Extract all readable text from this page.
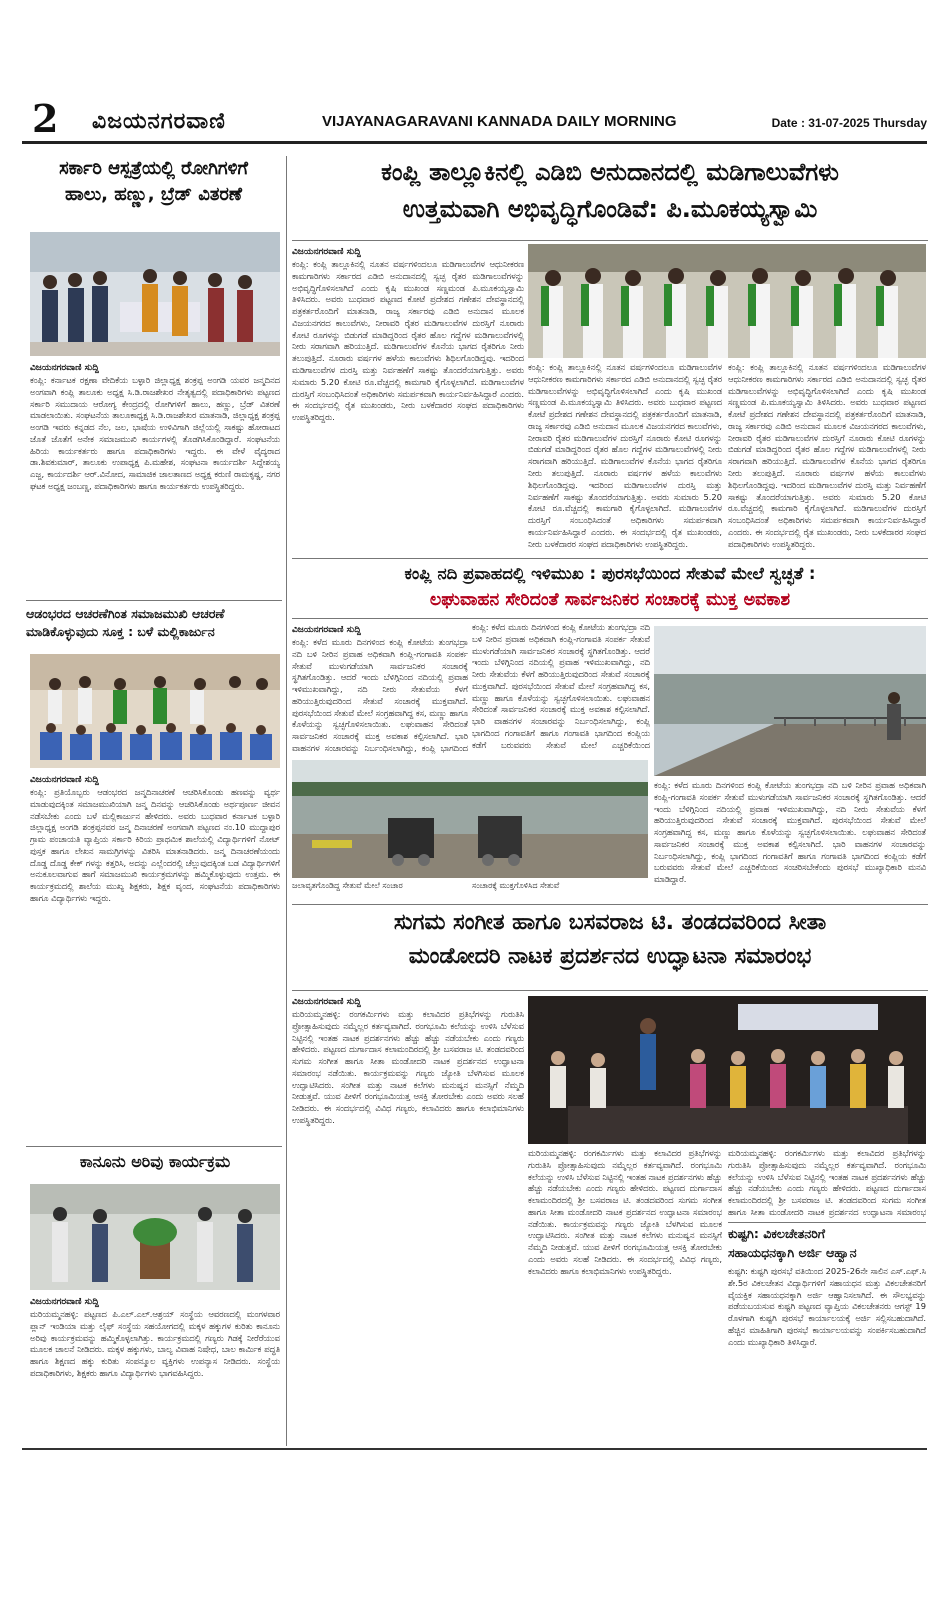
2 ವಿಜಯನಗರವಾಣಿ	VIJAYANAGARAVANI KANNADA DAILY MORNING	Date : 31-07-2025 Thursday
ಸರ್ಕಾರಿ ಆಸ್ಪತ್ರೆಯಲ್ಲಿ ರೋಗಿಗಳಿಗೆ
ಹಾಲು, ಹಣ್ಣು, ಬ್ರೆಡ್ ವಿತರಣೆ
ವಿಜಯನಗರವಾಣಿ ಸುದ್ದಿ
ಕಂಪ್ಲಿ: ಕರ್ನಾಟಕ ರಕ್ಷಣಾ ವೇದಿಕೆಯ ಬಳ್ಳಾರಿ ಜಿಲ್ಲಾಧ್ಯಕ್ಷ ಶಂಕ್ರಪ್ಪ ಅಂಗಡಿ ಯವರ ಜನ್ಮದಿನದ ಅಂಗವಾಗಿ ಕಂಪ್ಲಿ ತಾಲೂಕು ಅಧ್ಯಕ್ಷ ಸಿ.ಡಿ.ರಾಜಶೇಖರ ನೇತೃತ್ವದಲ್ಲಿ ಪದಾಧಿಕಾರಿಗಳು ಪಟ್ಟಣದ ಸರ್ಕಾರಿ ಸಮುದಾಯ ಆರೋಗ್ಯ ಕೇಂದ್ರದಲ್ಲಿ ರೋಗಿಗಳಿಗೆ ಹಾಲು, ಹಣ್ಣು, ಬ್ರೆಡ್ ವಿತರಣೆ ಮಾಡಲಾಯಿತು. ಸಂಘಟನೆಯ ತಾಲೂಕಾಧ್ಯಕ್ಷ ಸಿ.ಡಿ.ರಾಜಶೇಖರ ಮಾತನಾಡಿ, ಜಿಲ್ಲಾಧ್ಯಕ್ಷ ಶಂಕ್ರಪ್ಪ ಅಂಗಡಿ ಇವರು ಕನ್ನಡದ ನೆಲ, ಜಲ, ಭಾಷೆಯ ಉಳಿವಿಗಾಗಿ ಜಿಲ್ಲೆಯಲ್ಲಿ ಸಾಕಷ್ಟು ಹೋರಾಟದ ಜೊತೆ ಜೊತೆಗೆ ಅನೇಕ ಸಮಾಜಮುಖಿ ಕಾರ್ಯಗಳಲ್ಲಿ ತೊಡಗಿಸಿಕೊಂಡಿದ್ದಾರೆ. ಸಂಘಟನೆಯ ಹಿರಿಯ ಕಾರ್ಯಕರ್ತರು ಹಾಗೂ ಪದಾಧಿಕಾರಿಗಳು ಇದ್ದರು. ಈ ವೇಳೆ ವೈದ್ಯರಾದ ಡಾ.ಶಿವಕುಮಾರ್, ತಾಲೂಕು ಉಪಾಧ್ಯಕ್ಷ ಪಿ.ಮಹೇಶ, ಸಂಘಟನಾ ಕಾರ್ಯದರ್ಶಿ ಸಿದ್ದೇಶಯ್ಯ ಎಜ್ಜ, ಕಾರ್ಯದರ್ಶಿ ಆರ್.ವಿನೋದ, ಸಾಮಾಜಿಕ ಜಾಲತಾಣದ ಅಧ್ಯಕ್ಷ ಕರುಣಿ ರಾಮಕೃಷ್ಣ, ನಗರ ಘಟಕ ಅಧ್ಯಕ್ಷ ಜಂಬಣ್ಣ, ಪದಾಧಿಕಾರಿಗಳು ಹಾಗೂ ಕಾರ್ಯಕರ್ತರು ಉಪಸ್ಥಿತರಿದ್ದರು.
ಆಡಂಭರದ ಆಚರಣೆಗಿಂತ ಸಮಾಜಮುಖಿ ಆಚರಣೆ
ಮಾಡಿಕೊಳ್ಳುವುದು ಸೂಕ್ತ : ಬಳೆ ಮಲ್ಲಿಕಾರ್ಜುನ
ವಿಜಯನಗರವಾಣಿ ಸುದ್ದಿ
ಕಂಪ್ಲಿ: ಪ್ರತಿಯೊಬ್ಬರು ಆಡಂಭರದ ಜನ್ಮದಿನಾಚರಣೆ ಆಚರಿಸಿಕೊಂಡು ಹಣವನ್ನು ವ್ಯರ್ಥ ಮಾಡುವುದಕ್ಕಿಂತ ಸಮಾಜಮುಖಿಯಾಗಿ ಜನ್ಮ ದಿನವನ್ನು ಆಚರಿಸಿಕೊಂಡು ಅರ್ಥಪೂರ್ಣ ಜೀವನ ನಡೆಸಬೇಕು ಎಂದು ಬಳೆ ಮಲ್ಲಿಕಾರ್ಜುನ ಹೇಳಿದರು. ಅವರು ಬುಧವಾರ ಕರ್ನಾಟಕ ಬಳ್ಳಾರಿ ಜಿಲ್ಲಾಧ್ಯಕ್ಷ ಅಂಗಡಿ ಶಂಕ್ರಪ್ಪನವರ ಜನ್ಮ ದಿನಾಚರಣೆ ಅಂಗವಾಗಿ ಪಟ್ಟಣದ ನಂ.10 ಮುದ್ದಾಪುರ ಗ್ರಾಮ ಪಂಚಾಯತಿ ವ್ಯಾಪ್ತಿಯ ಸರ್ಕಾರಿ ಕಿರಿಯ ಪ್ರಾಥಮಿಕ ಶಾಲೆಯಲ್ಲಿ ವಿದ್ಯಾರ್ಥಿಗಳಿಗೆ ನೋಟ್ ಪುಸ್ತಕ ಹಾಗೂ ಲೇಖನ ಸಾಮಗ್ರಿಗಳನ್ನು ವಿತರಿಸಿ ಮಾತನಾಡಿದರು. ಜನ್ಮ ದಿನಾಚರಣೆಯಂದು ದೊಡ್ಡ ದೊಡ್ಡ ಕೇಕ್ ಗಳನ್ನು ಕತ್ತರಿಸಿ, ಅದನ್ನು ಎಲ್ಲೆಂದರಲ್ಲಿ ಚೆಲ್ಲುವುದಕ್ಕಿಂತ ಬಡ ವಿದ್ಯಾರ್ಥಿಗಳಿಗೆ ಅನುಕೂಲವಾಗುವ ಹಾಗೆ ಸಮಾಜಮುಖಿ ಕಾರ್ಯಕ್ರಮಗಳನ್ನು ಹಮ್ಮಿಕೊಳ್ಳುವುದು ಉತ್ತಮ. ಈ ಕಾರ್ಯಕ್ರಮದಲ್ಲಿ ಶಾಲೆಯ ಮುಖ್ಯ ಶಿಕ್ಷಕರು, ಶಿಕ್ಷಕ ವೃಂದ, ಸಂಘಟನೆಯ ಪದಾಧಿಕಾರಿಗಳು ಹಾಗೂ ವಿದ್ಯಾರ್ಥಿಗಳು ಇದ್ದರು.
ಕಾನೂನು ಅರಿವು ಕಾರ್ಯಕ್ರಮ
ವಿಜಯನಗರವಾಣಿ ಸುದ್ದಿ
ಮರಿಯಮ್ಮನಹಳ್ಳಿ: ಪಟ್ಟಣದ ಪಿ.ಎಲ್.ಎಲ್.ಆಶ್ರಯ್ ಸಂಸ್ಥೆಯ ಆವರಣದಲ್ಲಿ ಮಂಗಳವಾರ ಪ್ಲಾನ್ ಇಂಡಿಯಾ ಮತ್ತು ಲೈಫ್ ಸಂಸ್ಥೆಯ ಸಹಯೋಗದಲ್ಲಿ ಮಕ್ಕಳ ಹಕ್ಕುಗಳ ಕುರಿತು ಕಾನೂನು ಅರಿವು ಕಾರ್ಯಕ್ರಮವನ್ನು ಹಮ್ಮಿಕೊಳ್ಳಲಾಗಿತ್ತು. ಕಾರ್ಯಕ್ರಮದಲ್ಲಿ ಗಣ್ಯರು ಗಿಡಕ್ಕೆ ನೀರೆರೆಯುವ ಮೂಲಕ ಚಾಲನೆ ನೀಡಿದರು. ಮಕ್ಕಳ ಹಕ್ಕುಗಳು, ಬಾಲ್ಯ ವಿವಾಹ ನಿಷೇಧ, ಬಾಲ ಕಾರ್ಮಿಕ ಪದ್ಧತಿ ಹಾಗೂ ಶಿಕ್ಷಣದ ಹಕ್ಕು ಕುರಿತು ಸಂಪನ್ಮೂಲ ವ್ಯಕ್ತಿಗಳು ಉಪನ್ಯಾಸ ನೀಡಿದರು. ಸಂಸ್ಥೆಯ ಪದಾಧಿಕಾರಿಗಳು, ಶಿಕ್ಷಕರು ಹಾಗೂ ವಿದ್ಯಾರ್ಥಿಗಳು ಭಾಗವಹಿಸಿದ್ದರು.
ಕಂಪ್ಲಿ ತಾಲ್ಲೂಕಿನಲ್ಲಿ ಎಡಿಬಿ ಅನುದಾನದಲ್ಲಿ ಮಡಿಗಾಲುವೆಗಳು
ಉತ್ತಮವಾಗಿ ಅಭಿವೃದ್ಧಿಗೊಂಡಿವೆ: ಪಿ.ಮೂಕಯ್ಯಸ್ವಾಮಿ
ವಿಜಯನಗರವಾಣಿ ಸುದ್ದಿ
ಕಂಪ್ಲಿ: ಕಂಪ್ಲಿ ತಾಲ್ಲೂಕಿನಲ್ಲಿ ನೂತನ ವರ್ಷಗಳಿಂದಲೂ ಮಡಿಗಾಲುವೆಗಳ ಆಧುನೀಕರಣ ಕಾಮಗಾರಿಗಳು ಸರ್ಕಾರದ ಎಡಿಬಿ ಅನುದಾನದಲ್ಲಿ ಸ್ವಚ್ಛ ರೈತರ ಮಡಿಗಾಲುವೆಗಳನ್ನು ಅಭಿವೃದ್ಧಿಗೊಳಿಸಲಾಗಿದೆ ಎಂದು ಕೃಷಿ ಮುಖಂಡ ಸಣ್ಣಮಂಡ ಪಿ.ಮೂಕಯ್ಯಸ್ವಾಮಿ ತಿಳಿಸಿದರು. ಅವರು ಬುಧವಾರ ಪಟ್ಟಣದ ಕೋಟೆ ಪ್ರದೇಶದ ಗಣೇಶನ ದೇವಸ್ಥಾನದಲ್ಲಿ ಪತ್ರಕರ್ತರೊಂದಿಗೆ ಮಾತನಾಡಿ, ರಾಜ್ಯ ಸರ್ಕಾರವು ಎಡಿಬಿ ಅನುದಾನ ಮೂಲಕ ವಿಜಯನಗರದ ಕಾಲುವೆಗಳು, ನೀರಾವರಿ ರೈತರ ಮಡಿಗಾಲುವೆಗಳ ದುರಸ್ತಿಗೆ ನೂರಾರು ಕೋಟಿ ರೂಗಳನ್ನು ಬಿಡುಗಡೆ ಮಾಡಿದ್ದರಿಂದ ರೈತರ ಹೊಲ ಗದ್ದೆಗಳ ಮಡಿಗಾಲುವೆಗಳಲ್ಲಿ ನೀರು ಸರಾಗವಾಗಿ ಹರಿಯುತ್ತಿದೆ. ಮಡಿಗಾಲುವೆಗಳ ಕೊನೆಯ ಭಾಗದ ರೈತರಿಗೂ ನೀರು ತಲುಪುತ್ತಿದೆ. ನೂರಾರು ವರ್ಷಗಳ ಹಳೆಯ ಕಾಲುವೆಗಳು ಶಿಥಿಲಗೊಂಡಿದ್ದವು. ಇದರಿಂದ ಮಡಿಗಾಲುವೆಗಳ ದುರಸ್ತಿ ಮತ್ತು ನಿರ್ವಹಣೆಗೆ ಸಾಕಷ್ಟು ತೊಂದರೆಯಾಗುತ್ತಿತ್ತು. ಅವರು ಸುಮಾರು 5.20 ಕೋಟಿ ರೂ.ವೆಚ್ಚದಲ್ಲಿ ಕಾಮಗಾರಿ ಕೈಗೊಳ್ಳಲಾಗಿದೆ. ಮಡಿಗಾಲುವೆಗಳ ದುರಸ್ತಿಗೆ ಸಂಬಂಧಿಸಿದಂತೆ ಅಧಿಕಾರಿಗಳು ಸಮರ್ಪಕವಾಗಿ ಕಾರ್ಯನಿರ್ವಹಿಸಿದ್ದಾರೆ ಎಂದರು. ಈ ಸಂದರ್ಭದಲ್ಲಿ ರೈತ ಮುಖಂಡರು, ನೀರು ಬಳಕೆದಾರರ ಸಂಘದ ಪದಾಧಿಕಾರಿಗಳು ಉಪಸ್ಥಿತರಿದ್ದರು.
ಕಂಪ್ಲಿ: ಕಂಪ್ಲಿ ತಾಲ್ಲೂಕಿನಲ್ಲಿ ನೂತನ ವರ್ಷಗಳಿಂದಲೂ ಮಡಿಗಾಲುವೆಗಳ ಆಧುನೀಕರಣ ಕಾಮಗಾರಿಗಳು ಸರ್ಕಾರದ ಎಡಿಬಿ ಅನುದಾನದಲ್ಲಿ ಸ್ವಚ್ಛ ರೈತರ ಮಡಿಗಾಲುವೆಗಳನ್ನು ಅಭಿವೃದ್ಧಿಗೊಳಿಸಲಾಗಿದೆ ಎಂದು ಕೃಷಿ ಮುಖಂಡ ಸಣ್ಣಮಂಡ ಪಿ.ಮೂಕಯ್ಯಸ್ವಾಮಿ ತಿಳಿಸಿದರು. ಅವರು ಬುಧವಾರ ಪಟ್ಟಣದ ಕೋಟೆ ಪ್ರದೇಶದ ಗಣೇಶನ ದೇವಸ್ಥಾನದಲ್ಲಿ ಪತ್ರಕರ್ತರೊಂದಿಗೆ ಮಾತನಾಡಿ, ರಾಜ್ಯ ಸರ್ಕಾರವು ಎಡಿಬಿ ಅನುದಾನ ಮೂಲಕ ವಿಜಯನಗರದ ಕಾಲುವೆಗಳು, ನೀರಾವರಿ ರೈತರ ಮಡಿಗಾಲುವೆಗಳ ದುರಸ್ತಿಗೆ ನೂರಾರು ಕೋಟಿ ರೂಗಳನ್ನು ಬಿಡುಗಡೆ ಮಾಡಿದ್ದರಿಂದ ರೈತರ ಹೊಲ ಗದ್ದೆಗಳ ಮಡಿಗಾಲುವೆಗಳಲ್ಲಿ ನೀರು ಸರಾಗವಾಗಿ ಹರಿಯುತ್ತಿದೆ. ಮಡಿಗಾಲುವೆಗಳ ಕೊನೆಯ ಭಾಗದ ರೈತರಿಗೂ ನೀರು ತಲುಪುತ್ತಿದೆ. ನೂರಾರು ವರ್ಷಗಳ ಹಳೆಯ ಕಾಲುವೆಗಳು ಶಿಥಿಲಗೊಂಡಿದ್ದವು. ಇದರಿಂದ ಮಡಿಗಾಲುವೆಗಳ ದುರಸ್ತಿ ಮತ್ತು ನಿರ್ವಹಣೆಗೆ ಸಾಕಷ್ಟು ತೊಂದರೆಯಾಗುತ್ತಿತ್ತು. ಅವರು ಸುಮಾರು 5.20 ಕೋಟಿ ರೂ.ವೆಚ್ಚದಲ್ಲಿ ಕಾಮಗಾರಿ ಕೈಗೊಳ್ಳಲಾಗಿದೆ. ಮಡಿಗಾಲುವೆಗಳ ದುರಸ್ತಿಗೆ ಸಂಬಂಧಿಸಿದಂತೆ ಅಧಿಕಾರಿಗಳು ಸಮರ್ಪಕವಾಗಿ ಕಾರ್ಯನಿರ್ವಹಿಸಿದ್ದಾರೆ ಎಂದರು. ಈ ಸಂದರ್ಭದಲ್ಲಿ ರೈತ ಮುಖಂಡರು, ನೀರು ಬಳಕೆದಾರರ ಸಂಘದ ಪದಾಧಿಕಾರಿಗಳು ಉಪಸ್ಥಿತರಿದ್ದರು.
ಕಂಪ್ಲಿ: ಕಂಪ್ಲಿ ತಾಲ್ಲೂಕಿನಲ್ಲಿ ನೂತನ ವರ್ಷಗಳಿಂದಲೂ ಮಡಿಗಾಲುವೆಗಳ ಆಧುನೀಕರಣ ಕಾಮಗಾರಿಗಳು ಸರ್ಕಾರದ ಎಡಿಬಿ ಅನುದಾನದಲ್ಲಿ ಸ್ವಚ್ಛ ರೈತರ ಮಡಿಗಾಲುವೆಗಳನ್ನು ಅಭಿವೃದ್ಧಿಗೊಳಿಸಲಾಗಿದೆ ಎಂದು ಕೃಷಿ ಮುಖಂಡ ಸಣ್ಣಮಂಡ ಪಿ.ಮೂಕಯ್ಯಸ್ವಾಮಿ ತಿಳಿಸಿದರು. ಅವರು ಬುಧವಾರ ಪಟ್ಟಣದ ಕೋಟೆ ಪ್ರದೇಶದ ಗಣೇಶನ ದೇವಸ್ಥಾನದಲ್ಲಿ ಪತ್ರಕರ್ತರೊಂದಿಗೆ ಮಾತನಾಡಿ, ರಾಜ್ಯ ಸರ್ಕಾರವು ಎಡಿಬಿ ಅನುದಾನ ಮೂಲಕ ವಿಜಯನಗರದ ಕಾಲುವೆಗಳು, ನೀರಾವರಿ ರೈತರ ಮಡಿಗಾಲುವೆಗಳ ದುರಸ್ತಿಗೆ ನೂರಾರು ಕೋಟಿ ರೂಗಳನ್ನು ಬಿಡುಗಡೆ ಮಾಡಿದ್ದರಿಂದ ರೈತರ ಹೊಲ ಗದ್ದೆಗಳ ಮಡಿಗಾಲುವೆಗಳಲ್ಲಿ ನೀರು ಸರಾಗವಾಗಿ ಹರಿಯುತ್ತಿದೆ. ಮಡಿಗಾಲುವೆಗಳ ಕೊನೆಯ ಭಾಗದ ರೈತರಿಗೂ ನೀರು ತಲುಪುತ್ತಿದೆ. ನೂರಾರು ವರ್ಷಗಳ ಹಳೆಯ ಕಾಲುವೆಗಳು ಶಿಥಿಲಗೊಂಡಿದ್ದವು. ಇದರಿಂದ ಮಡಿಗಾಲುವೆಗಳ ದುರಸ್ತಿ ಮತ್ತು ನಿರ್ವಹಣೆಗೆ ಸಾಕಷ್ಟು ತೊಂದರೆಯಾಗುತ್ತಿತ್ತು. ಅವರು ಸುಮಾರು 5.20 ಕೋಟಿ ರೂ.ವೆಚ್ಚದಲ್ಲಿ ಕಾಮಗಾರಿ ಕೈಗೊಳ್ಳಲಾಗಿದೆ. ಮಡಿಗಾಲುವೆಗಳ ದುರಸ್ತಿಗೆ ಸಂಬಂಧಿಸಿದಂತೆ ಅಧಿಕಾರಿಗಳು ಸಮರ್ಪಕವಾಗಿ ಕಾರ್ಯನಿರ್ವಹಿಸಿದ್ದಾರೆ ಎಂದರು. ಈ ಸಂದರ್ಭದಲ್ಲಿ ರೈತ ಮುಖಂಡರು, ನೀರು ಬಳಕೆದಾರರ ಸಂಘದ ಪದಾಧಿಕಾರಿಗಳು ಉಪಸ್ಥಿತರಿದ್ದರು.
ಕಂಪ್ಲಿ ನದಿ ಪ್ರವಾಹದಲ್ಲಿ ಇಳಿಮುಖ : ಪುರಸಭೆಯಿಂದ ಸೇತುವೆ ಮೇಲೆ ಸ್ವಚ್ಛತೆ :
ಲಘುವಾಹನ ಸೇರಿದಂತೆ ಸಾರ್ವಜನಿಕರ ಸಂಚಾರಕ್ಕೆ ಮುಕ್ತ ಅವಕಾಶ
ವಿಜಯನಗರವಾಣಿ ಸುದ್ದಿ
ಕಂಪ್ಲಿ: ಕಳೆದ ಮೂರು ದಿನಗಳಿಂದ ಕಂಪ್ಲಿ ಕೋಟೆಯ ತುಂಗಭದ್ರಾ ನದಿ ಬಳಿ ನೀರಿನ ಪ್ರವಾಹ ಅಧಿಕವಾಗಿ ಕಂಪ್ಲಿ-ಗಂಗಾವತಿ ಸಂಪರ್ಕ ಸೇತುವೆ ಮುಳುಗಡೆಯಾಗಿ ಸಾರ್ವಜನಿಕರ ಸಂಚಾರಕ್ಕೆ ಸ್ಥಗಿತಗೊಂಡಿತ್ತು. ಆದರೆ ಇಂದು ಬೆಳಿಗ್ಗಿನಿಂದ ನದಿಯಲ್ಲಿ ಪ್ರವಾಹ ಇಳಿಮುಖವಾಗಿದ್ದು, ನದಿ ನೀರು ಸೇತುವೆಯ ಕೆಳಗೆ ಹರಿಯುತ್ತಿರುವುದರಿಂದ ಸೇತುವೆ ಸಂಚಾರಕ್ಕೆ ಮುಕ್ತವಾಗಿದೆ. ಪುರಸಭೆಯಿಂದ ಸೇತುವೆ ಮೇಲೆ ಸಂಗ್ರಹವಾಗಿದ್ದ ಕಸ, ಮಣ್ಣು ಹಾಗೂ ಕೊಳೆಯನ್ನು ಸ್ವಚ್ಛಗೊಳಿಸಲಾಯಿತು. ಲಘುವಾಹನ ಸೇರಿದಂತೆ ಸಾರ್ವಜನಿಕರ ಸಂಚಾರಕ್ಕೆ ಮುಕ್ತ ಅವಕಾಶ ಕಲ್ಪಿಸಲಾಗಿದೆ. ಭಾರಿ ವಾಹನಗಳ ಸಂಚಾರವನ್ನು ನಿರ್ಬಂಧಿಸಲಾಗಿದ್ದು, ಕಂಪ್ಲಿ ಭಾಗದಿಂದ
ಕಂಪ್ಲಿ: ಕಳೆದ ಮೂರು ದಿನಗಳಿಂದ ಕಂಪ್ಲಿ ಕೋಟೆಯ ತುಂಗಭದ್ರಾ ನದಿ ಬಳಿ ನೀರಿನ ಪ್ರವಾಹ ಅಧಿಕವಾಗಿ ಕಂಪ್ಲಿ-ಗಂಗಾವತಿ ಸಂಪರ್ಕ ಸೇತುವೆ ಮುಳುಗಡೆಯಾಗಿ ಸಾರ್ವಜನಿಕರ ಸಂಚಾರಕ್ಕೆ ಸ್ಥಗಿತಗೊಂಡಿತ್ತು. ಆದರೆ ಇಂದು ಬೆಳಿಗ್ಗಿನಿಂದ ನದಿಯಲ್ಲಿ ಪ್ರವಾಹ ಇಳಿಮುಖವಾಗಿದ್ದು, ನದಿ ನೀರು ಸೇತುವೆಯ ಕೆಳಗೆ ಹರಿಯುತ್ತಿರುವುದರಿಂದ ಸೇತುವೆ ಸಂಚಾರಕ್ಕೆ ಮುಕ್ತವಾಗಿದೆ. ಪುರಸಭೆಯಿಂದ ಸೇತುವೆ ಮೇಲೆ ಸಂಗ್ರಹವಾಗಿದ್ದ ಕಸ, ಮಣ್ಣು ಹಾಗೂ ಕೊಳೆಯನ್ನು ಸ್ವಚ್ಛಗೊಳಿಸಲಾಯಿತು. ಲಘುವಾಹನ ಸೇರಿದಂತೆ ಸಾರ್ವಜನಿಕರ ಸಂಚಾರಕ್ಕೆ ಮುಕ್ತ ಅವಕಾಶ ಕಲ್ಪಿಸಲಾಗಿದೆ. ಭಾರಿ ವಾಹನಗಳ ಸಂಚಾರವನ್ನು ನಿರ್ಬಂಧಿಸಲಾಗಿದ್ದು, ಕಂಪ್ಲಿ ಭಾಗದಿಂದ ಗಂಗಾವತಿಗೆ ಹಾಗೂ ಗಂಗಾವತಿ ಭಾಗದಿಂದ ಕಂಪ್ಲಿಯ ಕಡೆಗೆ ಬರುವವರು ಸೇತುವೆ ಮೇಲೆ ಎಚ್ಚರಿಕೆಯಿಂದ
ಜಲಾವೃತಗೊಂಡಿದ್ದ ಸೇತುವೆ ಮೇಲೆ ಸಂಚಾರ	ಸಂಚಾರಕ್ಕೆ ಮುಕ್ತಗೊಳಿಸಿದ ಸೇತುವೆ
ಕಂಪ್ಲಿ: ಕಳೆದ ಮೂರು ದಿನಗಳಿಂದ ಕಂಪ್ಲಿ ಕೋಟೆಯ ತುಂಗಭದ್ರಾ ನದಿ ಬಳಿ ನೀರಿನ ಪ್ರವಾಹ ಅಧಿಕವಾಗಿ ಕಂಪ್ಲಿ-ಗಂಗಾವತಿ ಸಂಪರ್ಕ ಸೇತುವೆ ಮುಳುಗಡೆಯಾಗಿ ಸಾರ್ವಜನಿಕರ ಸಂಚಾರಕ್ಕೆ ಸ್ಥಗಿತಗೊಂಡಿತ್ತು. ಆದರೆ ಇಂದು ಬೆಳಿಗ್ಗಿನಿಂದ ನದಿಯಲ್ಲಿ ಪ್ರವಾಹ ಇಳಿಮುಖವಾಗಿದ್ದು, ನದಿ ನೀರು ಸೇತುವೆಯ ಕೆಳಗೆ ಹರಿಯುತ್ತಿರುವುದರಿಂದ ಸೇತುವೆ ಸಂಚಾರಕ್ಕೆ ಮುಕ್ತವಾಗಿದೆ. ಪುರಸಭೆಯಿಂದ ಸೇತುವೆ ಮೇಲೆ ಸಂಗ್ರಹವಾಗಿದ್ದ ಕಸ, ಮಣ್ಣು ಹಾಗೂ ಕೊಳೆಯನ್ನು ಸ್ವಚ್ಛಗೊಳಿಸಲಾಯಿತು. ಲಘುವಾಹನ ಸೇರಿದಂತೆ ಸಾರ್ವಜನಿಕರ ಸಂಚಾರಕ್ಕೆ ಮುಕ್ತ ಅವಕಾಶ ಕಲ್ಪಿಸಲಾಗಿದೆ. ಭಾರಿ ವಾಹನಗಳ ಸಂಚಾರವನ್ನು ನಿರ್ಬಂಧಿಸಲಾಗಿದ್ದು, ಕಂಪ್ಲಿ ಭಾಗದಿಂದ ಗಂಗಾವತಿಗೆ ಹಾಗೂ ಗಂಗಾವತಿ ಭಾಗದಿಂದ ಕಂಪ್ಲಿಯ ಕಡೆಗೆ ಬರುವವರು ಸೇತುವೆ ಮೇಲೆ ಎಚ್ಚರಿಕೆಯಿಂದ ಸಂಚರಿಸಬೇಕೆಂದು ಪುರಸಭೆ ಮುಖ್ಯಾಧಿಕಾರಿ ಮನವಿ ಮಾಡಿದ್ದಾರೆ.
ಸುಗಮ ಸಂಗೀತ ಹಾಗೂ ಬಸವರಾಜ ಟಿ. ತಂಡದವರಿಂದ ಸೀತಾ
ಮಂಡೋದರಿ ನಾಟಕ ಪ್ರದರ್ಶನದ ಉದ್ಘಾಟನಾ ಸಮಾರಂಭ
ವಿಜಯನಗರವಾಣಿ ಸುದ್ದಿ
ಮರಿಯಮ್ಮನಹಳ್ಳಿ: ರಂಗಕರ್ಮಿಗಳು ಮತ್ತು ಕಲಾವಿದರ ಪ್ರತಿಭೆಗಳನ್ನು ಗುರುತಿಸಿ ಪ್ರೋತ್ಸಾಹಿಸುವುದು ನಮ್ಮೆಲ್ಲರ ಕರ್ತವ್ಯವಾಗಿದೆ. ರಂಗಭೂಮಿ ಕಲೆಯನ್ನು ಉಳಿಸಿ ಬೆಳೆಸುವ ನಿಟ್ಟಿನಲ್ಲಿ ಇಂತಹ ನಾಟಕ ಪ್ರದರ್ಶನಗಳು ಹೆಚ್ಚು ಹೆಚ್ಚು ನಡೆಯಬೇಕು ಎಂದು ಗಣ್ಯರು ಹೇಳಿದರು. ಪಟ್ಟಣದ ದುರ್ಗಾದಾಸ ಕಲಾಮಂದಿರದಲ್ಲಿ ಶ್ರೀ ಬಸವರಾಜ ಟಿ. ತಂಡದವರಿಂದ ಸುಗಮ ಸಂಗೀತ ಹಾಗೂ ಸೀತಾ ಮಂಡೋದರಿ ನಾಟಕ ಪ್ರದರ್ಶನದ ಉದ್ಘಾಟನಾ ಸಮಾರಂಭ ನಡೆಯಿತು. ಕಾರ್ಯಕ್ರಮವನ್ನು ಗಣ್ಯರು ಜ್ಯೋತಿ ಬೆಳಗಿಸುವ ಮೂಲಕ ಉದ್ಘಾಟಿಸಿದರು. ಸಂಗೀತ ಮತ್ತು ನಾಟಕ ಕಲೆಗಳು ಮನುಷ್ಯನ ಮನಸ್ಸಿಗೆ ನೆಮ್ಮದಿ ನೀಡುತ್ತವೆ. ಯುವ ಪೀಳಿಗೆ ರಂಗಭೂಮಿಯತ್ತ ಆಸಕ್ತಿ ತೋರಬೇಕು ಎಂದು ಅವರು ಸಲಹೆ ನೀಡಿದರು. ಈ ಸಂದರ್ಭದಲ್ಲಿ ವಿವಿಧ ಗಣ್ಯರು, ಕಲಾವಿದರು ಹಾಗೂ ಕಲಾಭಿಮಾನಿಗಳು ಉಪಸ್ಥಿತರಿದ್ದರು.
ಮರಿಯಮ್ಮನಹಳ್ಳಿ: ರಂಗಕರ್ಮಿಗಳು ಮತ್ತು ಕಲಾವಿದರ ಪ್ರತಿಭೆಗಳನ್ನು ಗುರುತಿಸಿ ಪ್ರೋತ್ಸಾಹಿಸುವುದು ನಮ್ಮೆಲ್ಲರ ಕರ್ತವ್ಯವಾಗಿದೆ. ರಂಗಭೂಮಿ ಕಲೆಯನ್ನು ಉಳಿಸಿ ಬೆಳೆಸುವ ನಿಟ್ಟಿನಲ್ಲಿ ಇಂತಹ ನಾಟಕ ಪ್ರದರ್ಶನಗಳು ಹೆಚ್ಚು ಹೆಚ್ಚು ನಡೆಯಬೇಕು ಎಂದು ಗಣ್ಯರು ಹೇಳಿದರು. ಪಟ್ಟಣದ ದುರ್ಗಾದಾಸ ಕಲಾಮಂದಿರದಲ್ಲಿ ಶ್ರೀ ಬಸವರಾಜ ಟಿ. ತಂಡದವರಿಂದ ಸುಗಮ ಸಂಗೀತ ಹಾಗೂ ಸೀತಾ ಮಂಡೋದರಿ ನಾಟಕ ಪ್ರದರ್ಶನದ ಉದ್ಘಾಟನಾ ಸಮಾರಂಭ ನಡೆಯಿತು. ಕಾರ್ಯಕ್ರಮವನ್ನು ಗಣ್ಯರು ಜ್ಯೋತಿ ಬೆಳಗಿಸುವ ಮೂಲಕ ಉದ್ಘಾಟಿಸಿದರು. ಸಂಗೀತ ಮತ್ತು ನಾಟಕ ಕಲೆಗಳು ಮನುಷ್ಯನ ಮನಸ್ಸಿಗೆ ನೆಮ್ಮದಿ ನೀಡುತ್ತವೆ. ಯುವ ಪೀಳಿಗೆ ರಂಗಭೂಮಿಯತ್ತ ಆಸಕ್ತಿ ತೋರಬೇಕು ಎಂದು ಅವರು ಸಲಹೆ ನೀಡಿದರು. ಈ ಸಂದರ್ಭದಲ್ಲಿ ವಿವಿಧ ಗಣ್ಯರು, ಕಲಾವಿದರು ಹಾಗೂ ಕಲಾಭಿಮಾನಿಗಳು ಉಪಸ್ಥಿತರಿದ್ದರು.
ಮರಿಯಮ್ಮನಹಳ್ಳಿ: ರಂಗಕರ್ಮಿಗಳು ಮತ್ತು ಕಲಾವಿದರ ಪ್ರತಿಭೆಗಳನ್ನು ಗುರುತಿಸಿ ಪ್ರೋತ್ಸಾಹಿಸುವುದು ನಮ್ಮೆಲ್ಲರ ಕರ್ತವ್ಯವಾಗಿದೆ. ರಂಗಭೂಮಿ ಕಲೆಯನ್ನು ಉಳಿಸಿ ಬೆಳೆಸುವ ನಿಟ್ಟಿನಲ್ಲಿ ಇಂತಹ ನಾಟಕ ಪ್ರದರ್ಶನಗಳು ಹೆಚ್ಚು ಹೆಚ್ಚು ನಡೆಯಬೇಕು ಎಂದು ಗಣ್ಯರು ಹೇಳಿದರು. ಪಟ್ಟಣದ ದುರ್ಗಾದಾಸ ಕಲಾಮಂದಿರದಲ್ಲಿ ಶ್ರೀ ಬಸವರಾಜ ಟಿ. ತಂಡದವರಿಂದ ಸುಗಮ ಸಂಗೀತ ಹಾಗೂ ಸೀತಾ ಮಂಡೋದರಿ ನಾಟಕ ಪ್ರದರ್ಶನದ ಉದ್ಘಾಟನಾ ಸಮಾರಂಭ
ಕುಷ್ಟಗಿ: ವಿಕಲಚೇತನರಿಗೆ
ಸಹಾಯಧನಕ್ಕಾಗಿ ಅರ್ಜಿ ಆಹ್ವಾನ
ಕುಷ್ಟಗಿ: ಕುಷ್ಟಗಿ ಪುರಸಭೆ ವತಿಯಿಂದ 2025-26ನೇ ಸಾಲಿನ ಎಸ್.ಎಫ್.ಸಿ ಶೇ.5ರ ವಿಕಲಚೇತನ ವಿದ್ಯಾರ್ಥಿಗಳಿಗೆ ಸಹಾಯಧನ ಮತ್ತು ವಿಕಲಚೇತನರಿಗೆ ವೈಯಕ್ತಿಕ ಸಹಾಯಧನಕ್ಕಾಗಿ ಅರ್ಜಿ ಆಹ್ವಾನಿಸಲಾಗಿದೆ. ಈ ಸೌಲಭ್ಯವನ್ನು ಪಡೆಯಬಯಸುವ ಕುಷ್ಟಗಿ ಪಟ್ಟಣದ ವ್ಯಾಪ್ತಿಯ ವಿಕಲಚೇತನರು ಆಗಸ್ಟ್ 19 ರೊಳಗಾಗಿ ಕುಷ್ಟಗಿ ಪುರಸಭೆ ಕಾರ್ಯಾಲಯಕ್ಕೆ ಅರ್ಜಿ ಸಲ್ಲಿಸಬಹುದಾಗಿದೆ. ಹೆಚ್ಚಿನ ಮಾಹಿತಿಗಾಗಿ ಪುರಸಭೆ ಕಾರ್ಯಾಲಯವನ್ನು ಸಂಪರ್ಕಿಸಬಹುದಾಗಿದೆ ಎಂದು ಮುಖ್ಯಾಧಿಕಾರಿ ತಿಳಿಸಿದ್ದಾರೆ.
